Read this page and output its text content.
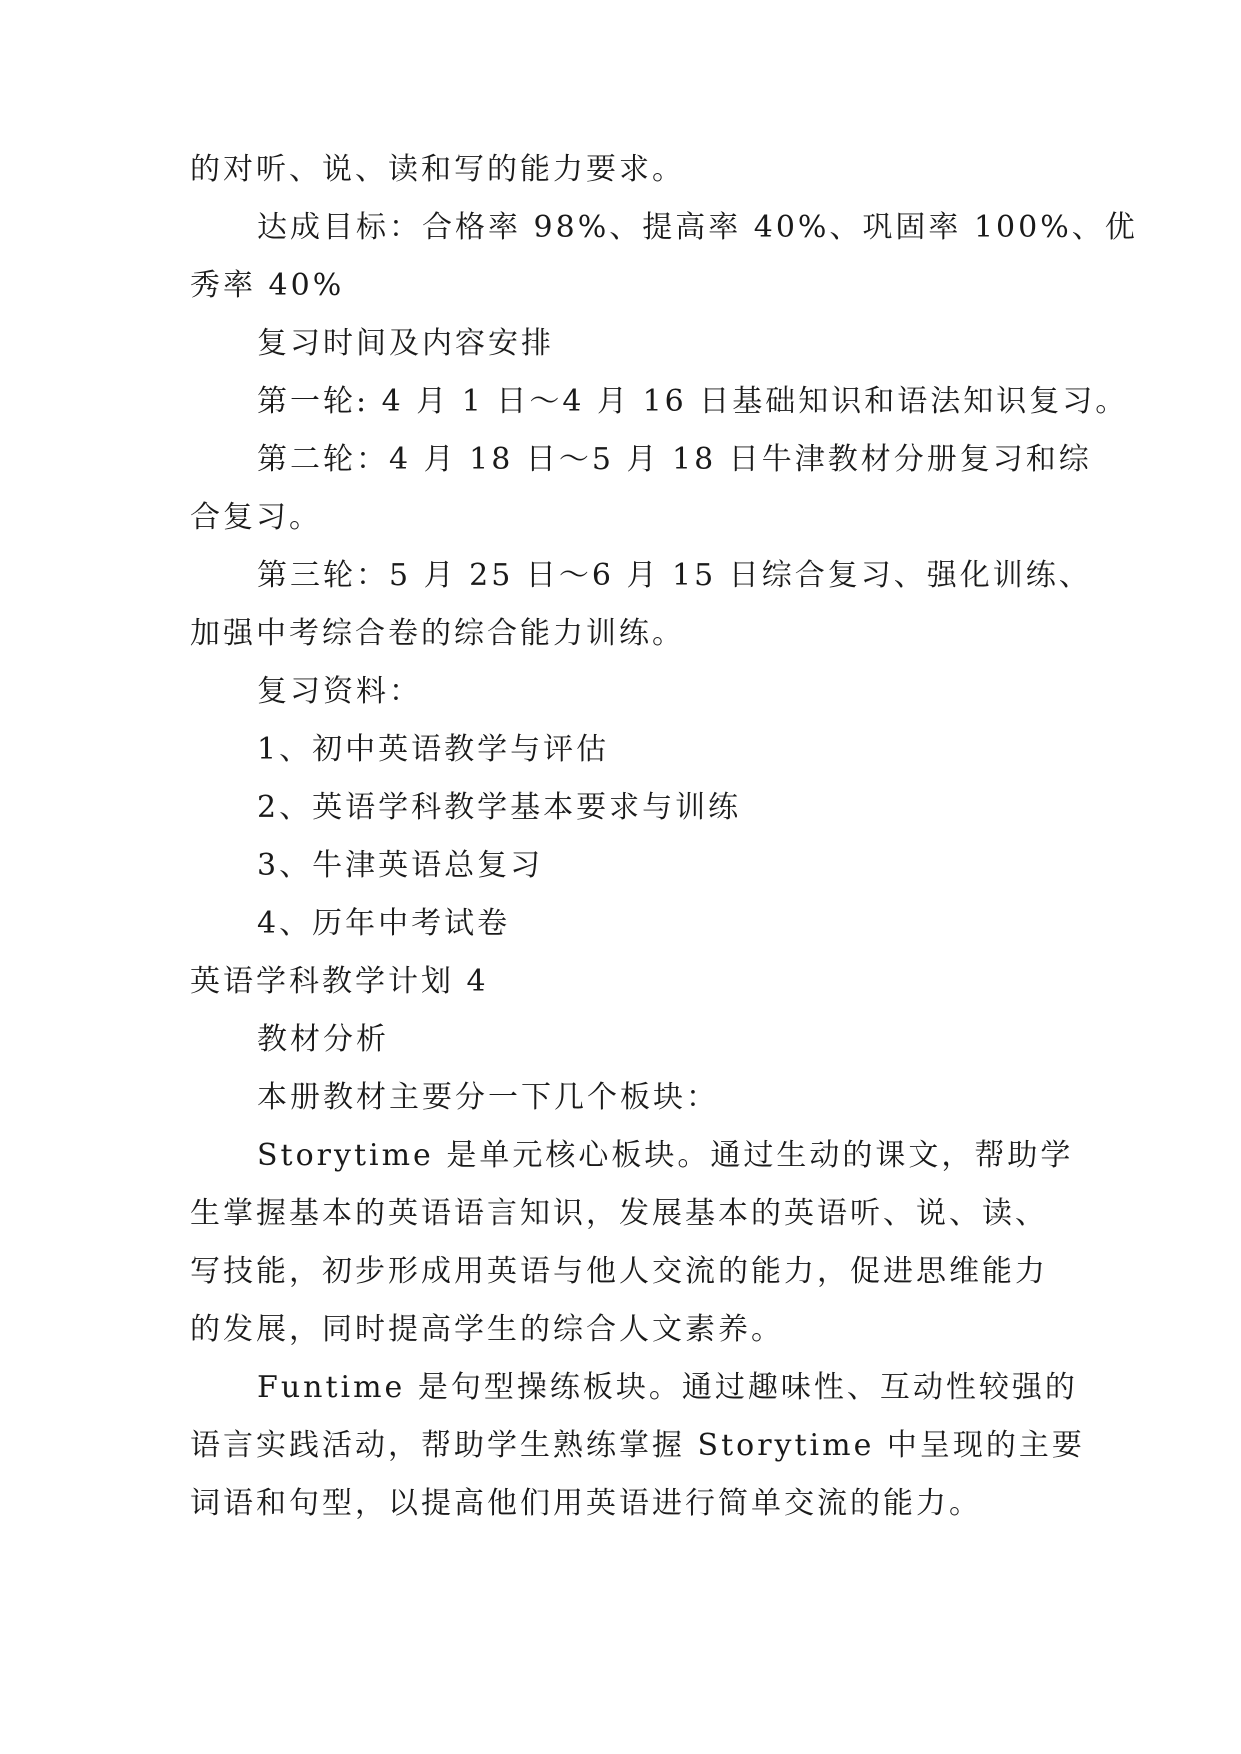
的对听、说、读和写的能力要求。

达成目标：合格率 98%、提高率 40%、巩固率 100%、优

秀率 40%

复习时间及内容安排

第一轮: 4 月 1 日～4 月 16 日基础知识和语法知识复习。

第二轮：4 月 18 日～5 月 18 日牛津教材分册复习和综

合复习。

第三轮：5 月 25 日～6 月 15 日综合复习、强化训练、

加强中考综合卷的综合能力训练。

复习资料：

1、初中英语教学与评估

2、英语学科教学基本要求与训练

3、牛津英语总复习

4、历年中考试卷

英语学科教学计划 4

教材分析

本册教材主要分一下几个板块：

Storytime 是单元核心板块。通过生动的课文，帮助学

生掌握基本的英语语言知识，发展基本的英语听、说、读、

写技能，初步形成用英语与他人交流的能力，促进思维能力

的发展，同时提高学生的综合人文素养。

Funtime 是句型操练板块。通过趣味性、互动性较强的

语言实践活动，帮助学生熟练掌握 Storytime 中呈现的主要

词语和句型，以提高他们用英语进行简单交流的能力。
